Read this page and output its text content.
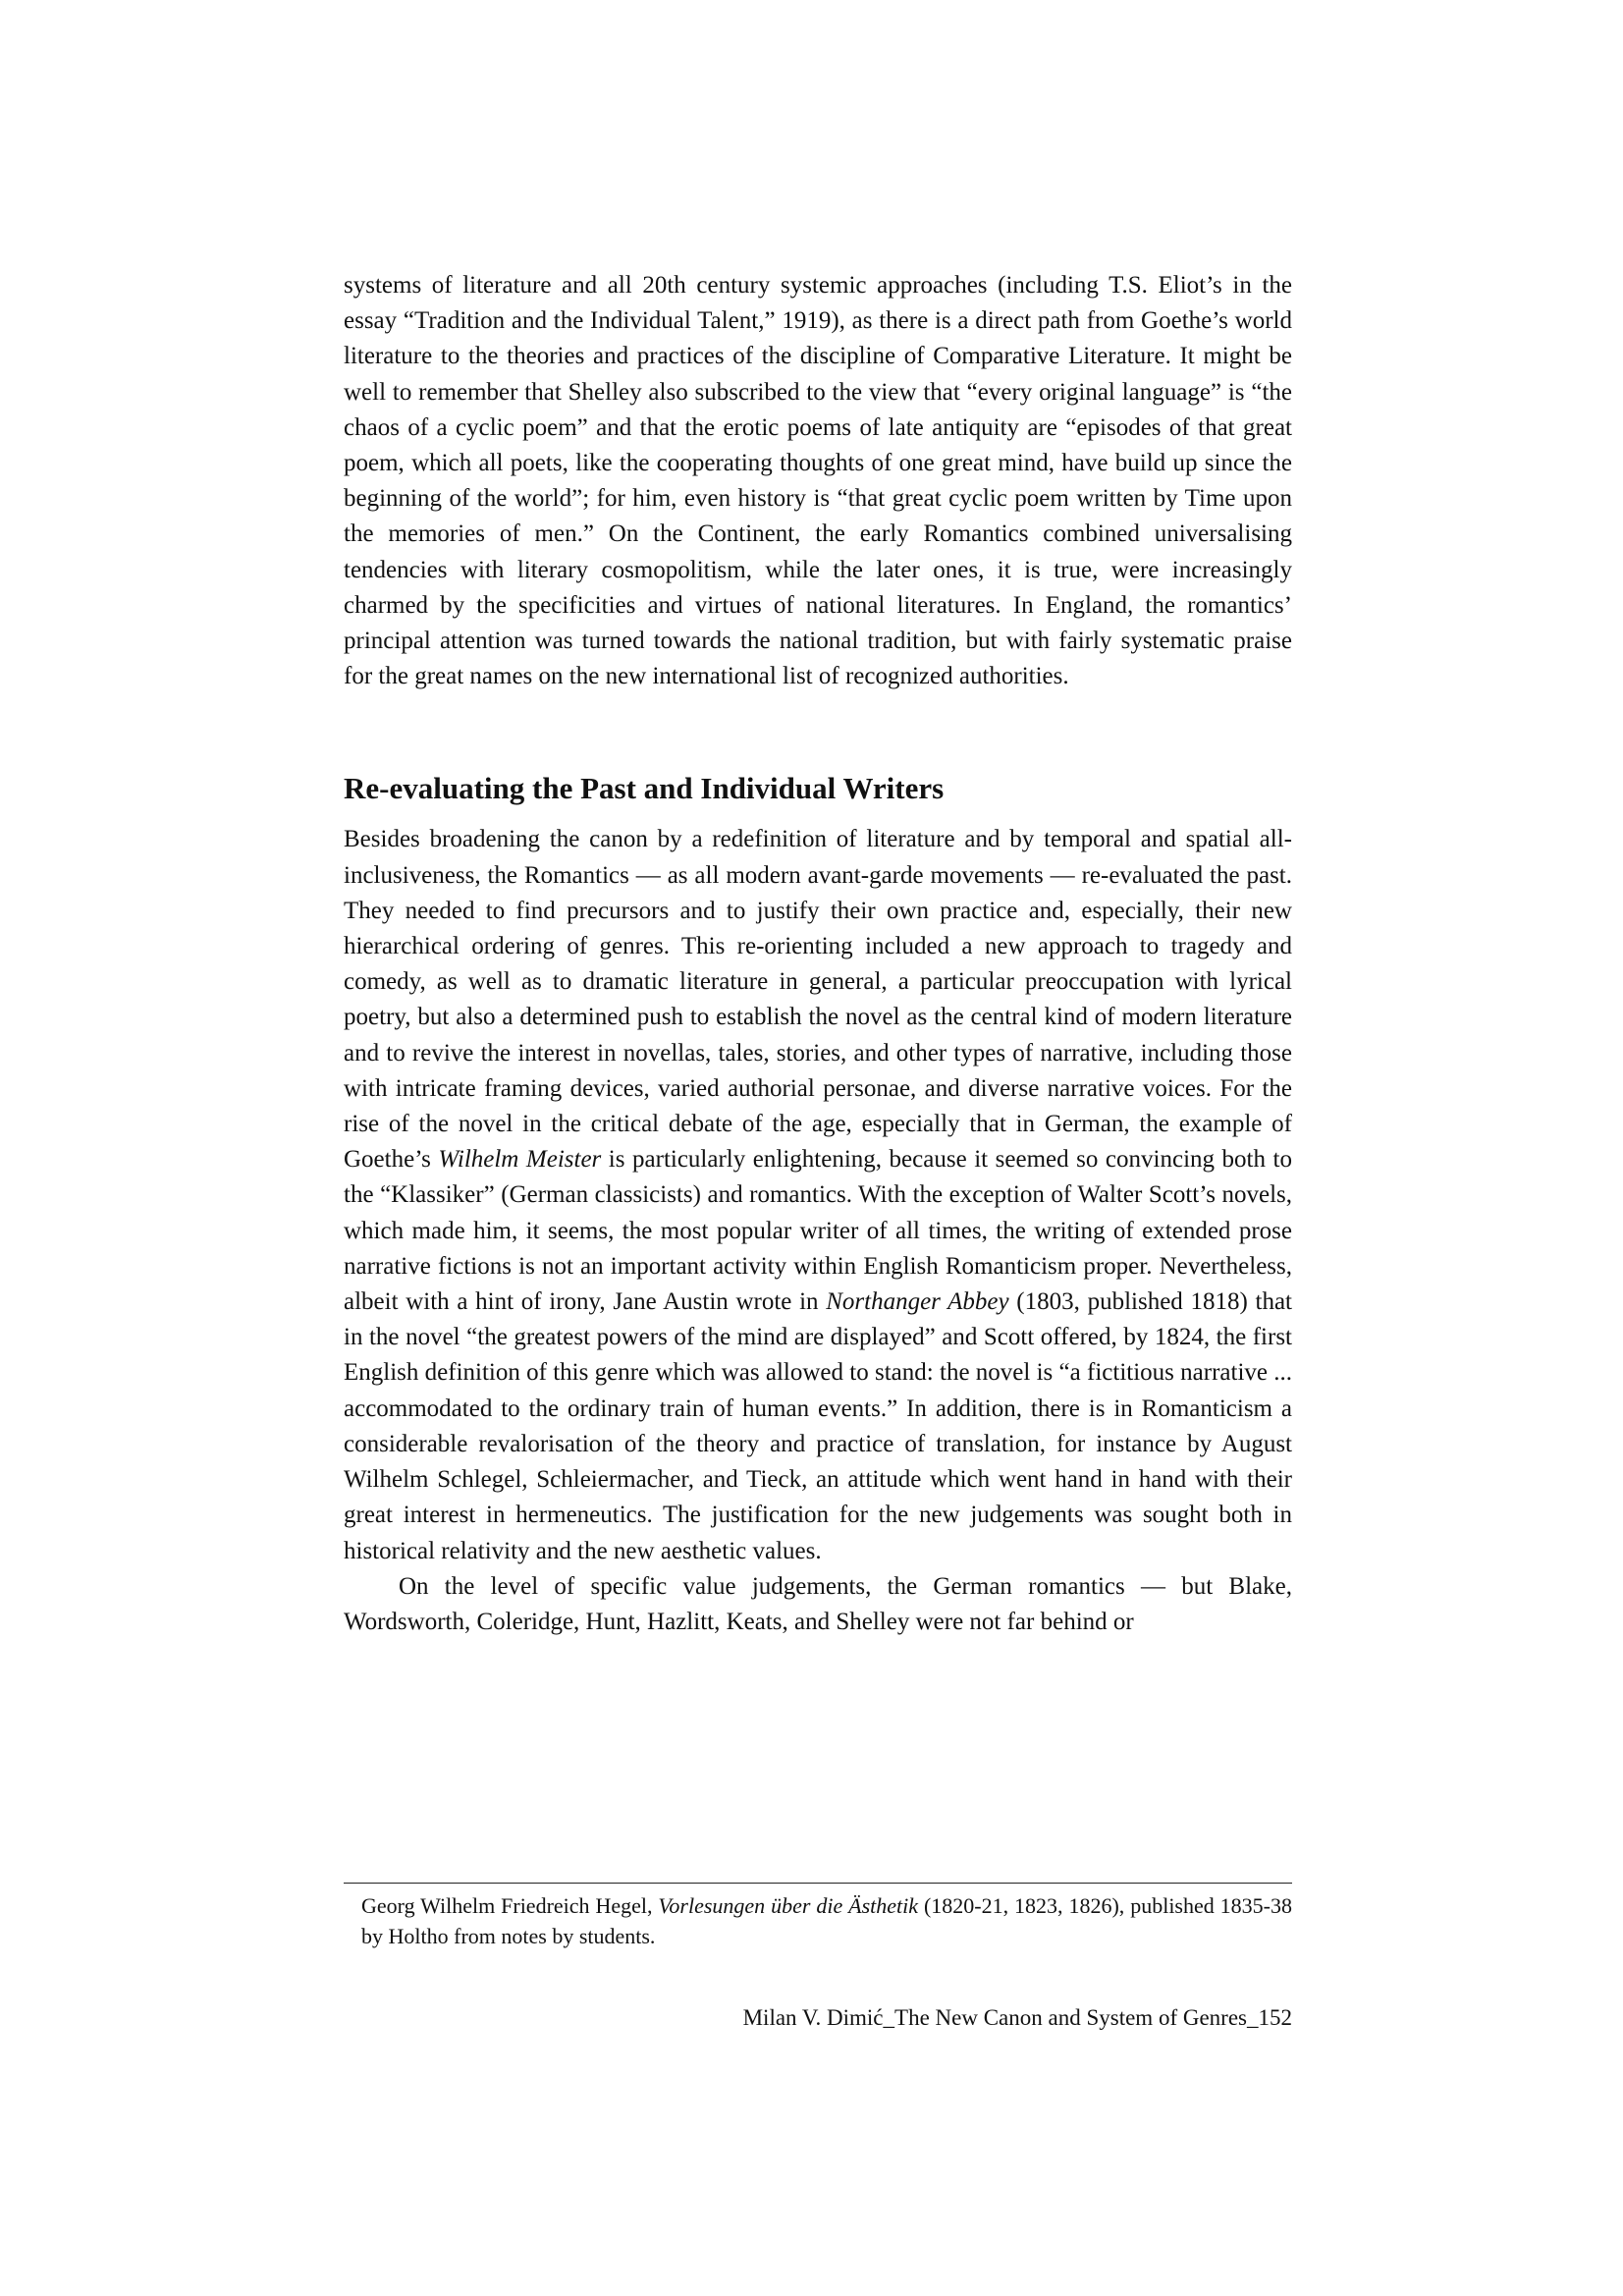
systems of literature and all 20th century systemic approaches (including T.S. Eliot’s in the essay “Tradition and the Individual Talent,” 1919), as there is a direct path from Goethe’s world literature to the theories and practices of the discipline of Comparative Literature. It might be well to remember that Shelley also subscribed to the view that “every original language” is “the chaos of a cyclic poem” and that the erotic poems of late antiquity are “episodes of that great poem, which all poets, like the cooperating thoughts of one great mind, have build up since the beginning of the world”; for him, even history is “that great cyclic poem written by Time upon the memories of men.” On the Continent, the early Romantics combined universalising tendencies with literary cosmopolitism, while the later ones, it is true, were increasingly charmed by the specificities and virtues of national literatures. In England, the romantics’ principal attention was turned towards the national tradition, but with fairly systematic praise for the great names on the new international list of recognized authorities.

Re-evaluating the Past and Individual Writers

Besides broadening the canon by a redefinition of literature and by temporal and spatial all-inclusiveness, the Romantics — as all modern avant-garde movements — re-evaluated the past. They needed to find precursors and to justify their own practice and, especially, their new hierarchical ordering of genres. This re-orienting included a new approach to tragedy and comedy, as well as to dramatic literature in general, a particular preoccupation with lyrical poetry, but also a determined push to establish the novel as the central kind of modern literature and to revive the interest in novellas, tales, stories, and other types of narrative, including those with intricate framing devices, varied authorial personae, and diverse narrative voices. For the rise of the novel in the critical debate of the age, especially that in German, the example of Goethe’s Wilhelm Meister is particularly enlightening, because it seemed so convincing both to the “Klassiker” (German classicists) and romantics. With the exception of Walter Scott’s novels, which made him, it seems, the most popular writer of all times, the writing of extended prose narrative fictions is not an important activity within English Romanticism proper. Nevertheless, albeit with a hint of irony, Jane Austin wrote in Northanger Abbey (1803, published 1818) that in the novel “the greatest powers of the mind are displayed” and Scott offered, by 1824, the first English definition of this genre which was allowed to stand: the novel is “a fictitious narrative ... accommodated to the ordinary train of human events.” In addition, there is in Romanticism a considerable revalorisation of the theory and practice of translation, for instance by August Wilhelm Schlegel, Schleiermacher, and Tieck, an attitude which went hand in hand with their great interest in hermeneutics. The justification for the new judgements was sought both in historical relativity and the new aesthetic values.

On the level of specific value judgements, the German romantics — but Blake, Wordsworth, Coleridge, Hunt, Hazlitt, Keats, and Shelley were not far behind or

Georg Wilhelm Friedreich Hegel, Vorlesungen über die Ästhetik (1820-21, 1823, 1826), published 1835-38 by Holtho from notes by students.

Milan V. Dimić_The New Canon and System of Genres_152
